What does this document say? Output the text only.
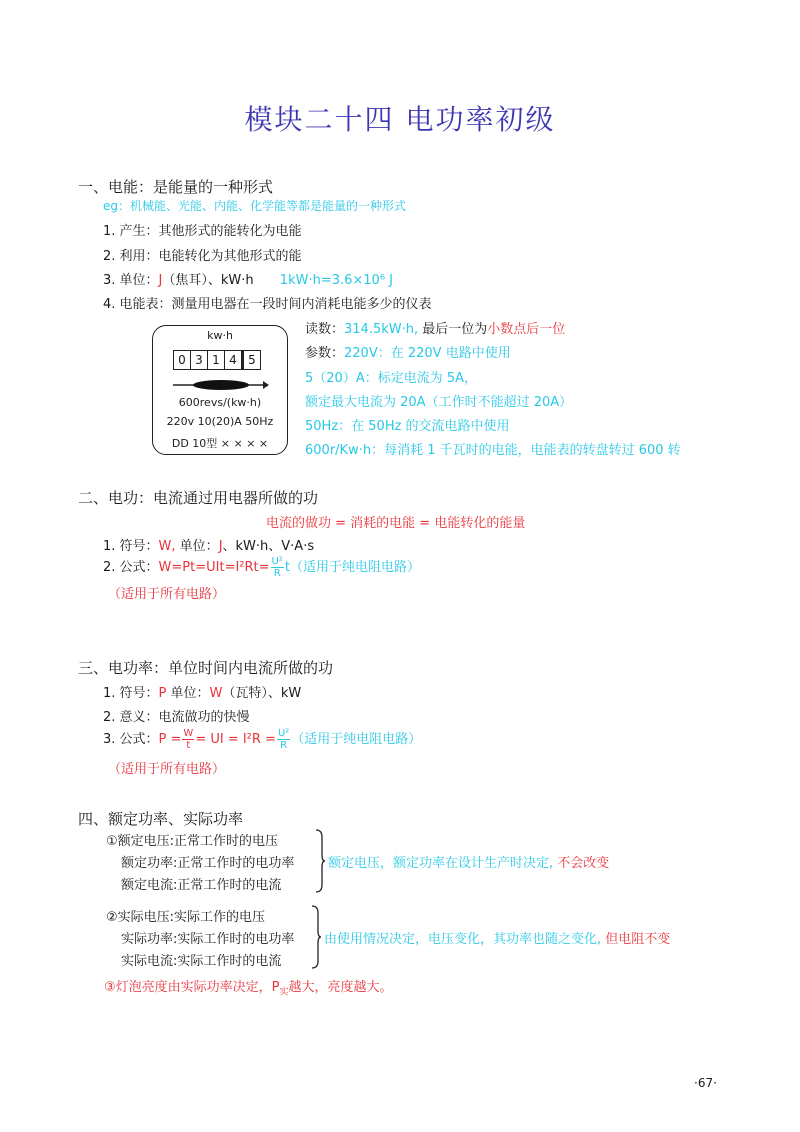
模块二十四 电功率初级
一、电能：是能量的一种形式
eg：机械能、光能、内能、化学能等都是能量的一种形式
1. 产生：其他形式的能转化为电能
2. 利用：电能转化为其他形式的能
3. 单位：J（焦耳）、kW·h 1kW·h=3.6×10⁶ J
4. 电能表：测量用电器在一段时间内消耗电能多少的仪表
kw·h
0 3 1 4 5
600revs/(kw·h)
220v 10(20)A 50Hz
DD 10型 × × × ×
读数：314.5kW·h, 最后一位为小数点后一位
参数：220V：在 220V 电路中使用
5（20）A：标定电流为 5A，
额定最大电流为 20A（工作时不能超过 20A）
50Hz：在 50Hz 的交流电路中使用
600r/Kw·h：每消耗 1 千瓦时的电能，电能表的转盘转过 600 转
二、电功：电流通过用电器所做的功
电流的做功 = 消耗的电能 = 电能转化的能量
1. 符号：W, 单位：J、kW·h、V·A·s
2. 公式：$W=Pt=UIt=I^2Rt= \frac{\text{U²}}{R} t$（适用于纯电阻电路）
（适用于所有电路）
三、电功率：单位时间内电流所做的功
1. 符号：P 单位：W（瓦特）、kW
2. 意义：电流做功的快慢
3. 公式：$P = \frac{W}{t}$ = UI = $I^2R = \frac{\text{U²}}{R}$ （适用于纯电阻电路）
（适用于所有电路）
四、额定功率、实际功率
①额定电压:正常工作时的电压
额定功率:正常工作时的电功率
额定电流:正常工作时的电流
额定电压，额定功率在设计生产时决定, 不会改变
②实际电压:实际工作的电压
实际功率:实际工作时的电功率
实际电流:实际工作时的电流
由使用情况决定，电压变化，其功率也随之变化, 但电阻不变
③灯泡亮度由实际功率决定，$P_实$越大，亮度越大。
·67·
